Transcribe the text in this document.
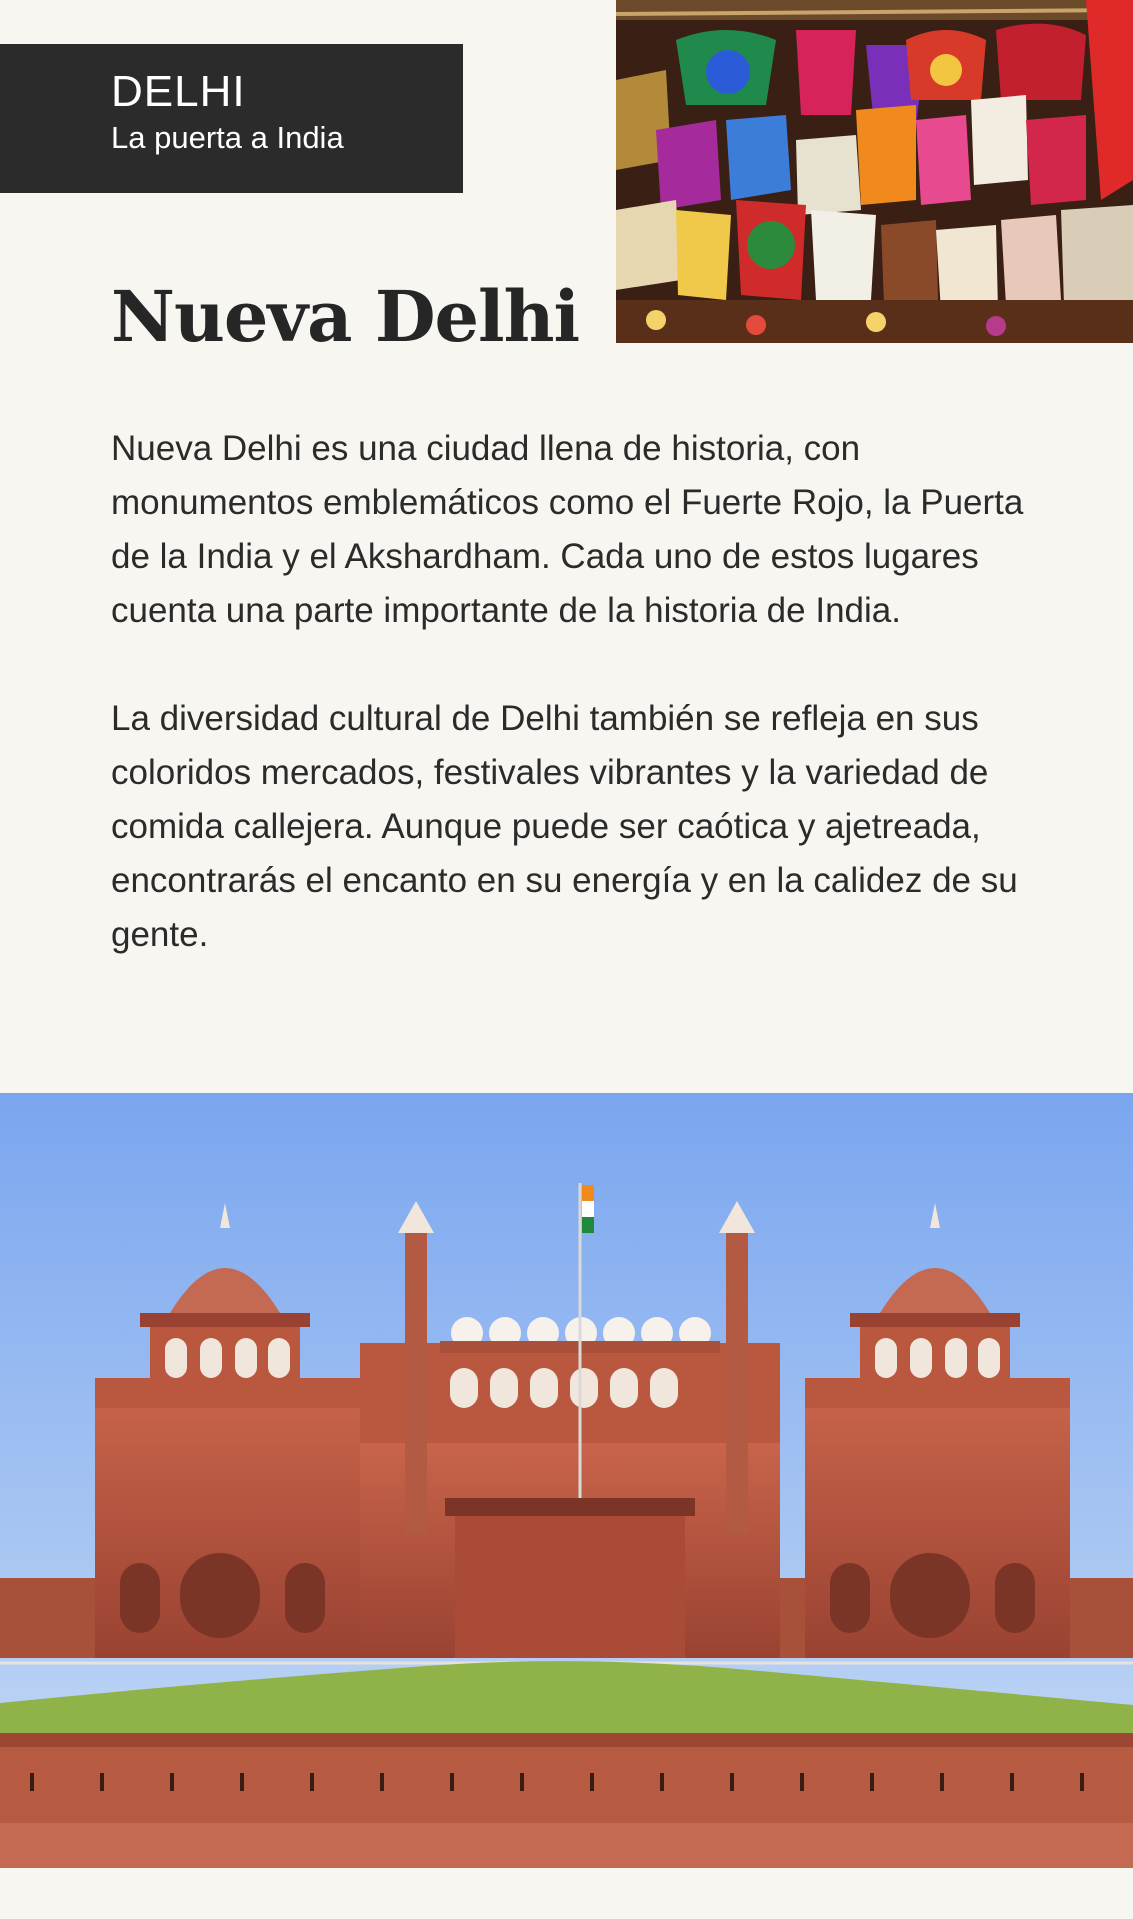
DELHI
La puerta a India
Nueva Delhi

Nueva Delhi es una ciudad llena de historia, con monumentos emblemáticos como el Fuerte Rojo, la Puerta de la India y el Akshardham. Cada uno de estos lugares cuenta una parte importante de la historia de India.

La diversidad cultural de Delhi también se refleja en sus coloridos mercados, festivales vibrantes y la variedad de comida callejera. Aunque puede ser caótica y ajetreada, encontrarás el encanto en su energía y en la calidez de su gente.
